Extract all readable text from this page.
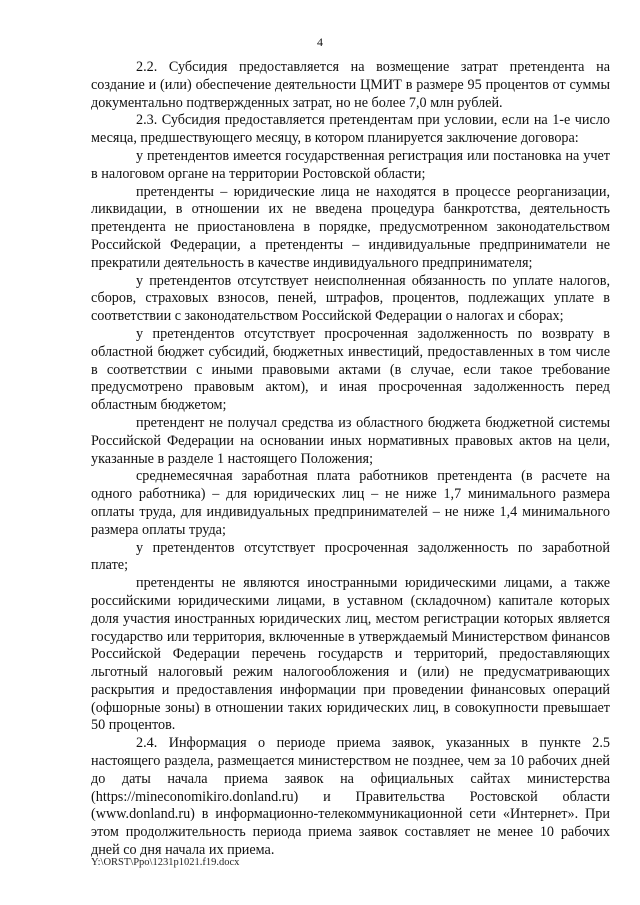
4

2.2. Субсидия предоставляется на возмещение затрат претендента на создание и (или) обеспечение деятельности ЦМИТ в размере 95 процентов от суммы документально подтвержденных затрат, но не более 7,0 млн рублей.

2.3. Субсидия предоставляется претендентам при условии, если на 1-е число месяца, предшествующего месяцу, в котором планируется заключение договора:

у претендентов имеется государственная регистрация или постановка на учет в налоговом органе на территории Ростовской области;

претенденты – юридические лица не находятся в процессе реорганизации, ликвидации, в отношении их не введена процедура банкротства, деятельность претендента не приостановлена в порядке, предусмотренном законодательством Российской Федерации, а претенденты – индивидуальные предприниматели не прекратили деятельность в качестве индивидуального предпринимателя;

у претендентов отсутствует неисполненная обязанность по уплате налогов, сборов, страховых взносов, пеней, штрафов, процентов, подлежащих уплате в соответствии с законодательством Российской Федерации о налогах и сборах;

у претендентов отсутствует просроченная задолженность по возврату в областной бюджет субсидий, бюджетных инвестиций, предоставленных в том числе в соответствии с иными правовыми актами (в случае, если такое требование предусмотрено правовым актом), и иная просроченная задолженность перед областным бюджетом;

претендент не получал средства из областного бюджета бюджетной системы Российской Федерации на основании иных нормативных правовых актов на цели, указанные в разделе 1 настоящего Положения;

среднемесячная заработная плата работников претендента (в расчете на одного работника) – для юридических лиц – не ниже 1,7 минимального размера оплаты труда, для индивидуальных предпринимателей – не ниже 1,4 минимального размера оплаты труда;

у претендентов отсутствует просроченная задолженность по заработной плате;

претенденты не являются иностранными юридическими лицами, а также российскими юридическими лицами, в уставном (складочном) капитале которых доля участия иностранных юридических лиц, местом регистрации которых является государство или территория, включенные в утверждаемый Министерством финансов Российской Федерации перечень государств и территорий, предоставляющих льготный налоговый режим налогообложения и (или) не предусматривающих раскрытия и предоставления информации при проведении финансовых операций (офшорные зоны) в отношении таких юридических лиц, в совокупности превышает 50 процентов.

2.4. Информация о периоде приема заявок, указанных в пункте 2.5 настоящего раздела, размещается министерством не позднее, чем за 10 рабочих дней до даты начала приема заявок на официальных сайтах министерства (https://mineconomikiro.donland.ru) и Правительства Ростовской области (www.donland.ru) в информационно-телекоммуникационной сети «Интернет». При этом продолжительность периода приема заявок составляет не менее 10 рабочих дней со дня начала их приема.

Y:\ORST\Ppo\1231p1021.f19.docx
